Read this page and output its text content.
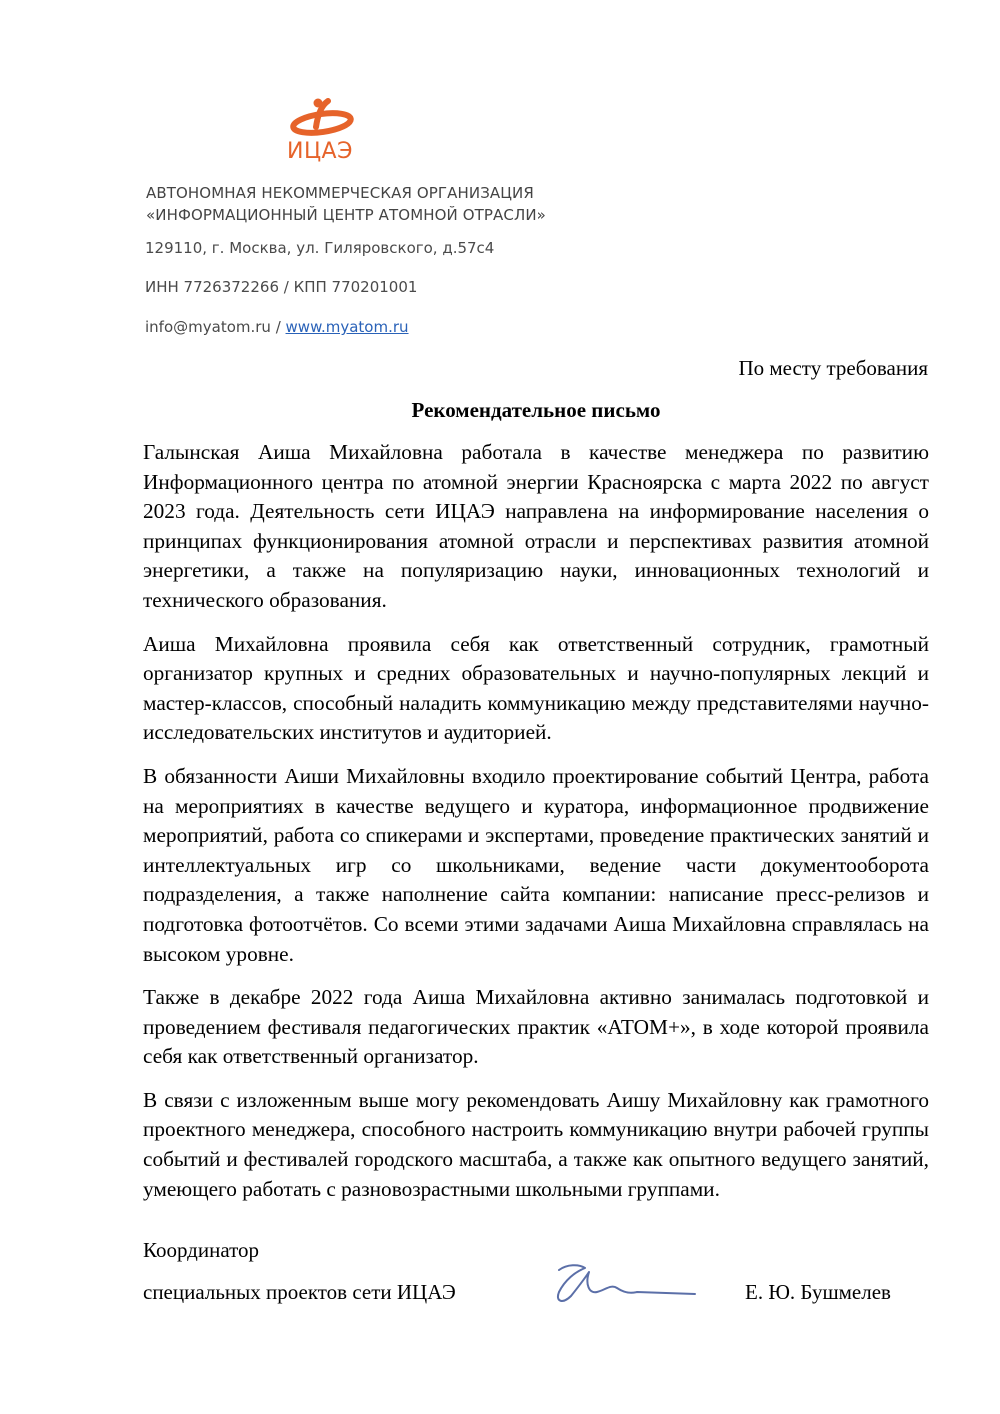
ИЦАЭ
АВТОНОМНАЯ НЕКОММЕРЧЕСКАЯ ОРГАНИЗАЦИЯ
«ИНФОРМАЦИОННЫЙ ЦЕНТР АТОМНОЙ ОТРАСЛИ»
129110, г. Москва, ул. Гиляровского, д.57с4
ИНН 7726372266 / КПП 770201001
info@myatom.ru / www.myatom.ru
По месту требования
Рекомендательное письмо

Галынская Аиша Михайловна работала в качестве менеджера по развитию Информационного центра по атомной энергии Красноярска с марта 2022 по август 2023 года. Деятельность сети ИЦАЭ направлена на информирование населения о принципах функционирования атомной отрасли и перспективах развития атомной энергетики, а также на популяризацию науки, инновационных технологий и технического образования.

Аиша Михайловна проявила себя как ответственный сотрудник, грамотный организатор крупных и средних образовательных и научно-популярных лекций и мастер-классов, способный наладить коммуникацию между представителями научно-исследовательских институтов и аудиторией.

В обязанности Аиши Михайловны входило проектирование событий Центра, работа на мероприятиях в качестве ведущего и куратора, информационное продвижение мероприятий, работа со спикерами и экспертами, проведение практических занятий и интеллектуальных игр со школьниками, ведение части документооборота подразделения, а также наполнение сайта компании: написание пресс-релизов и подготовка фотоотчётов. Со всеми этими задачами Аиша Михайловна справлялась на высоком уровне.

Также в декабре 2022 года Аиша Михайловна активно занималась подготовкой и проведением фестиваля педагогических практик «АТОМ+», в ходе которой проявила себя как ответственный организатор.

В связи с изложенным выше могу рекомендовать Аишу Михайловну как грамотного проектного менеджера, способного настроить коммуникацию внутри рабочей группы событий и фестивалей городского масштаба, а также как опытного ведущего занятий, умеющего работать с разновозрастными школьными группами.

Координатор
специальных проектов сети ИЦАЭ	Е. Ю. Бушмелев
